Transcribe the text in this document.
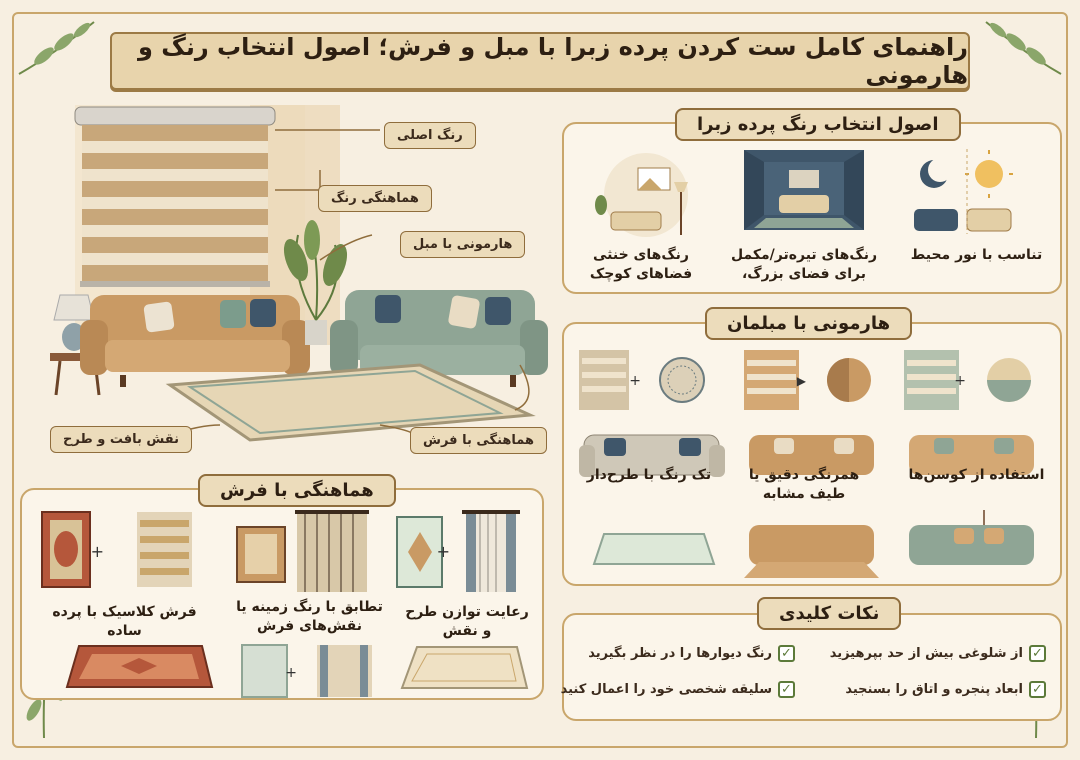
راهنمای کامل ست کردن پرده زبرا با مبل و فرش؛ اصول انتخاب رنگ و هارمونی
رنگ اصلی
هماهنگی رنگ
هارمونی با مبل
هماهنگی با فرش
نقش بافت و طرح
رنگ‌های خنثی فضاهای کوچک
رنگ‌های تیره‌تر/مکمل برای فضای بزرگ،
تناسب با نور محیط
اصول انتخاب رنگ پرده زبرا
+	▶	+
تک رنگ با طرح‌دار	همرنگی دقیق یا طیف مشابه
استفاده از کوسن‌ها
هارمونی با مبلمان
+	+
فرش کلاسیک با پرده ساده
تطابق با رنگ زمینه یا نقش‌های فرش
رعایت توازن طرح و نقش
+
هماهنگی با فرش
✓
از شلوغی بیش از حد بپرهیزید
✓
رنگ دیوارها را در نظر بگیرید
✓
ابعاد پنجره و اتاق را بسنجید
✓
سلیقه شخصی خود را اعمال کنید
نکات کلیدی
